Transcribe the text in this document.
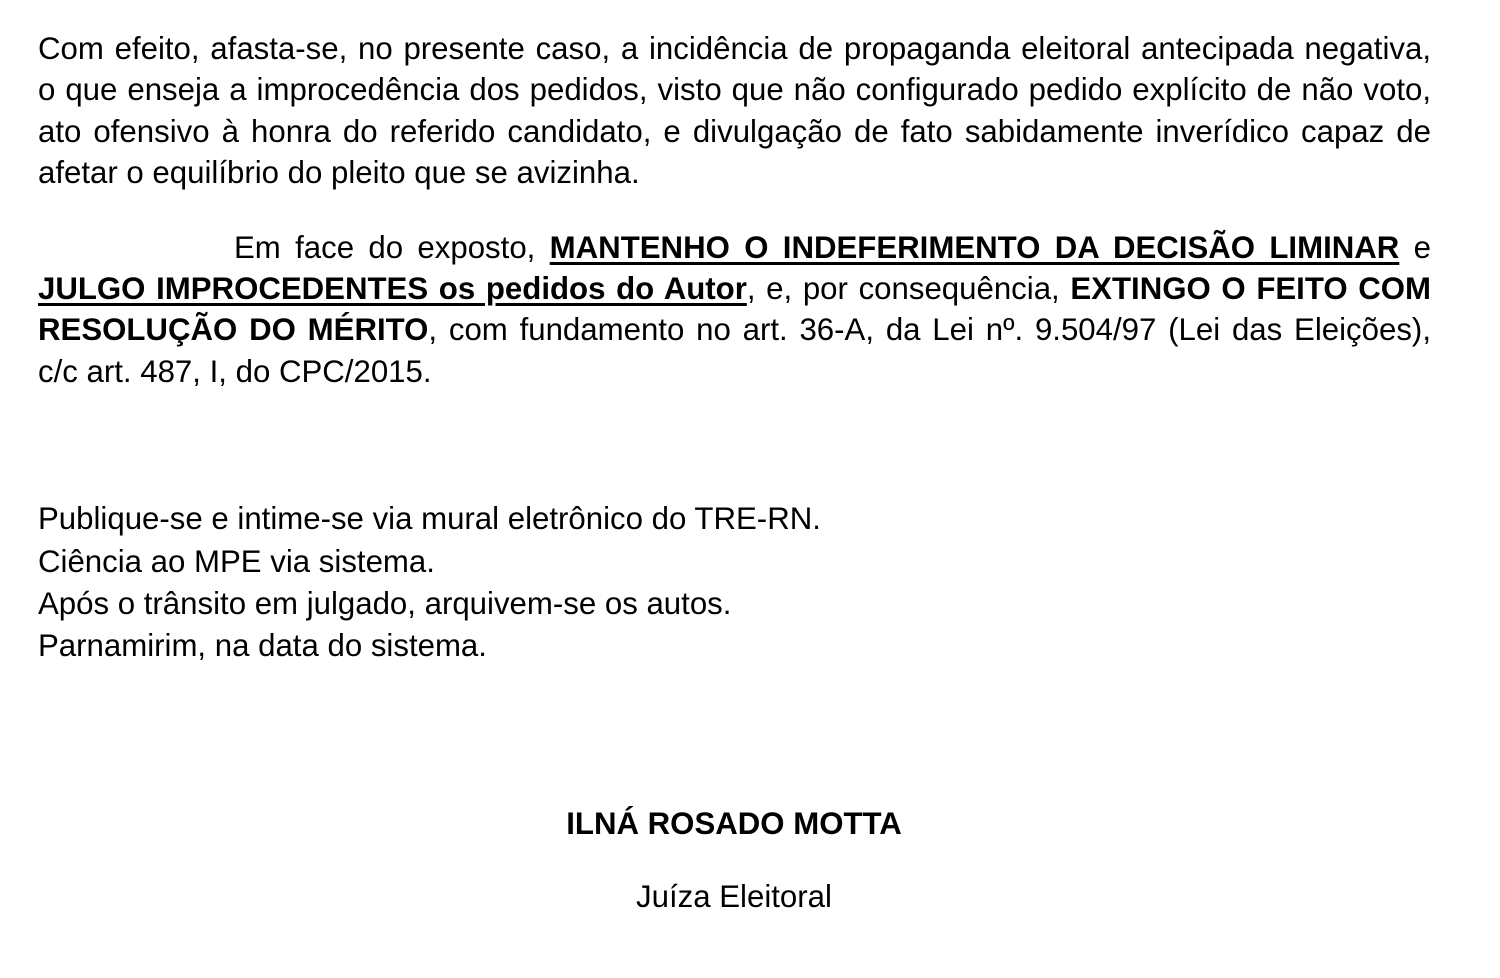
Com efeito, afasta-se, no presente caso, a incidência de propaganda eleitoral antecipada negativa, o que enseja a improcedência dos pedidos, visto que não configurado pedido explícito de não voto, ato ofensivo à honra do referido candidato, e divulgação de fato sabidamente inverídico capaz de afetar o equilíbrio do pleito que se avizinha.

Em face do exposto, MANTENHO O INDEFERIMENTO DA DECISÃO LIMINAR e JULGO IMPROCEDENTES os pedidos do Autor, e, por consequência, EXTINGO O FEITO COM RESOLUÇÃO DO MÉRITO, com fundamento no art. 36-A, da Lei nº. 9.504/97 (Lei das Eleições), c/c art. 487, I, do CPC/2015.

Publique-se e intime-se via mural eletrônico do TRE-RN.
Ciência ao MPE via sistema.
Após o trânsito em julgado, arquivem-se os autos.
Parnamirim, na data do sistema.
ILNÁ ROSADO MOTTA
Juíza Eleitoral
